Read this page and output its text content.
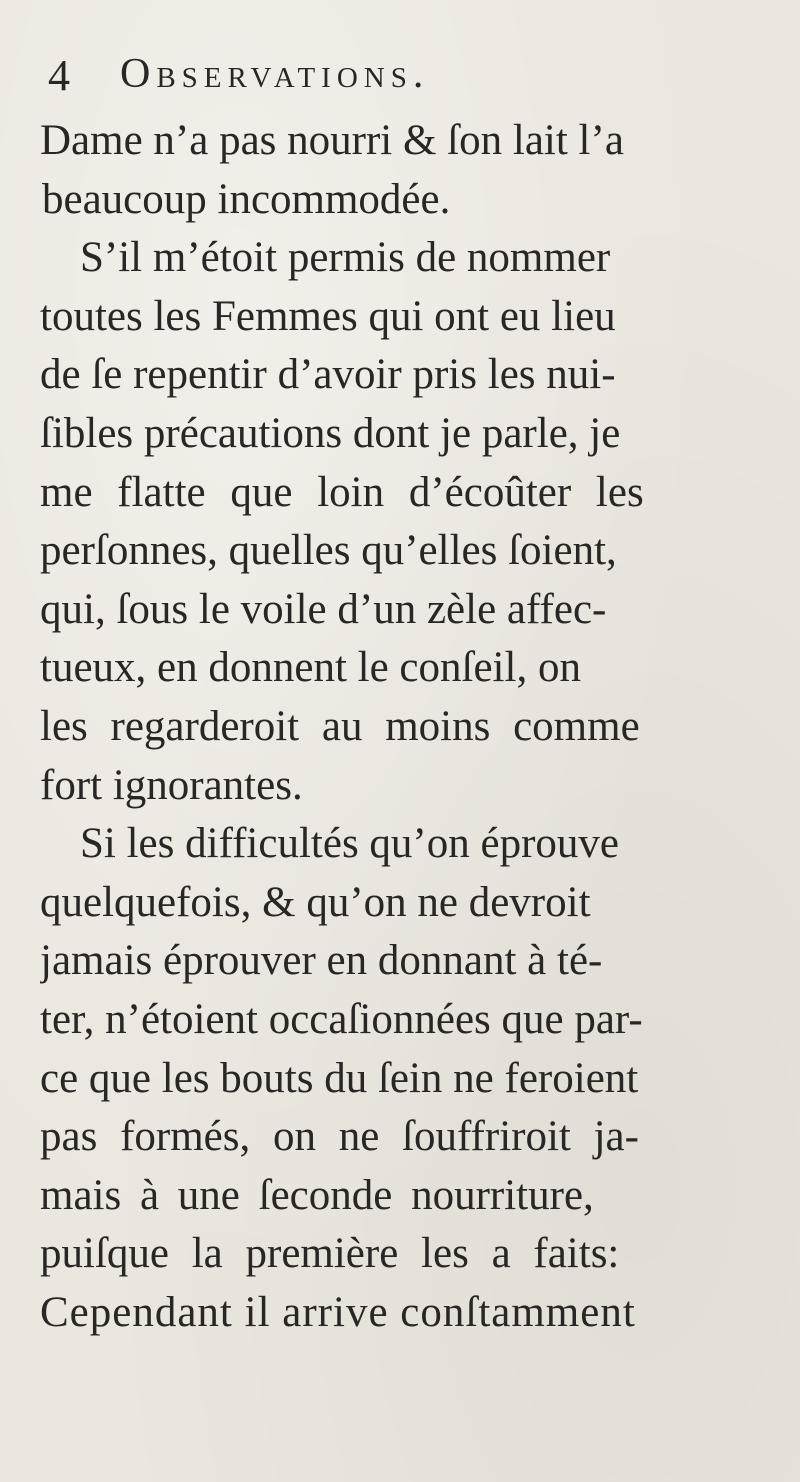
4 Observations.
Dame n’a pas nourri & ſon lait l’a
beaucoup incommodée.
S’il m’étoit permis de nommer
toutes les Femmes qui ont eu lieu
de ſe repentir d’avoir pris les nui-
ſibles précautions dont je parle, je
me flatte que loin d’écoûter les
perſonnes, quelles qu’elles ſoient,
qui, ſous le voile d’un zèle affec-
tueux, en donnent le conſeil, on
les regarderoit au moins comme
fort ignorantes.
Si les difficultés qu’on éprouve
quelquefois, & qu’on ne devroit
jamais éprouver en donnant à té-
ter, n’étoient occaſionnées que par-
ce que les bouts du ſein ne feroient
pas formés, on ne ſouffriroit ja-
mais à une ſeconde nourriture,
puiſque la première les a faits:
Cependant il arrive conſtamment
